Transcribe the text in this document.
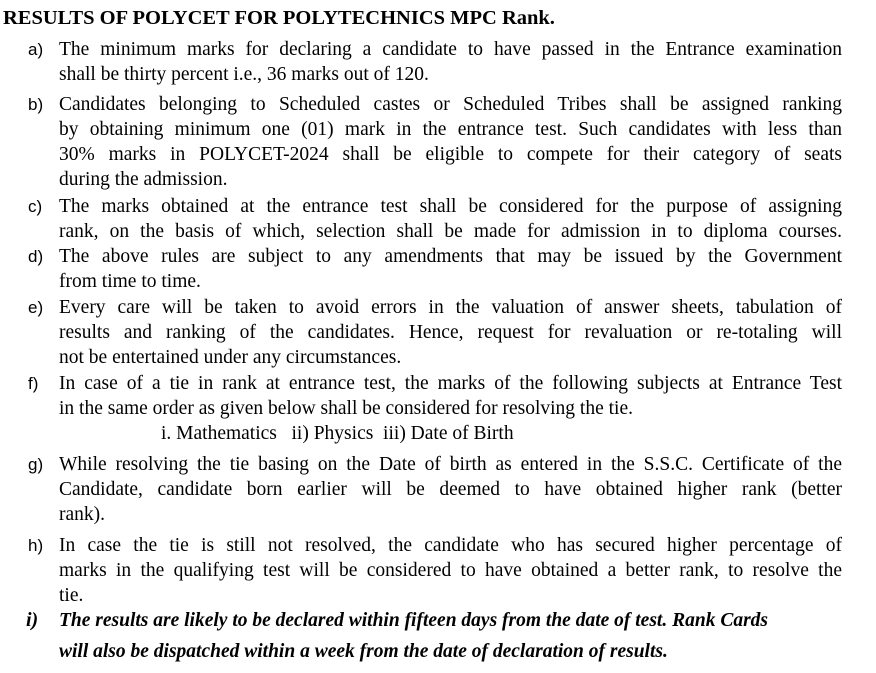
RESULTS OF POLYCET FOR POLYTECHNICS MPC Rank.
a) The minimum marks for declaring a candidate to have passed in the Entrance examination
shall be thirty percent i.e., 36 marks out of 120.
b) Candidates belonging to Scheduled castes or Scheduled Tribes shall be assigned ranking
by obtaining minimum one (01) mark in the entrance test. Such candidates with less than
30% marks in POLYCET-2024 shall be eligible to compete for their category of seats
during the admission.
c) The marks obtained at the entrance test shall be considered for the purpose of assigning
rank, on the basis of which, selection shall be made for admission in to diploma courses.
d) The above rules are subject to any amendments that may be issued by the Government
from time to time.
e) Every care will be taken to avoid errors in the valuation of answer sheets, tabulation of
results and ranking of the candidates. Hence, request for revaluation or re-totaling will
not be entertained under any circumstances.
f) In case of a tie in rank at entrance test, the marks of the following subjects at Entrance Test
in the same order as given below shall be considered for resolving the tie.
i. Mathematics   ii) Physics  iii) Date of Birth
g) While resolving the tie basing on the Date of birth as entered in the S.S.C. Certificate of the
Candidate, candidate born earlier will be deemed to have obtained higher rank (better
rank).
h) In case the tie is still not resolved, the candidate who has secured higher percentage of
marks in the qualifying test will be considered to have obtained a better rank, to resolve the
tie.
i) The results are likely to be declared within fifteen days from the date of test. Rank Cards
will also be dispatched within a week from the date of declaration of results.
